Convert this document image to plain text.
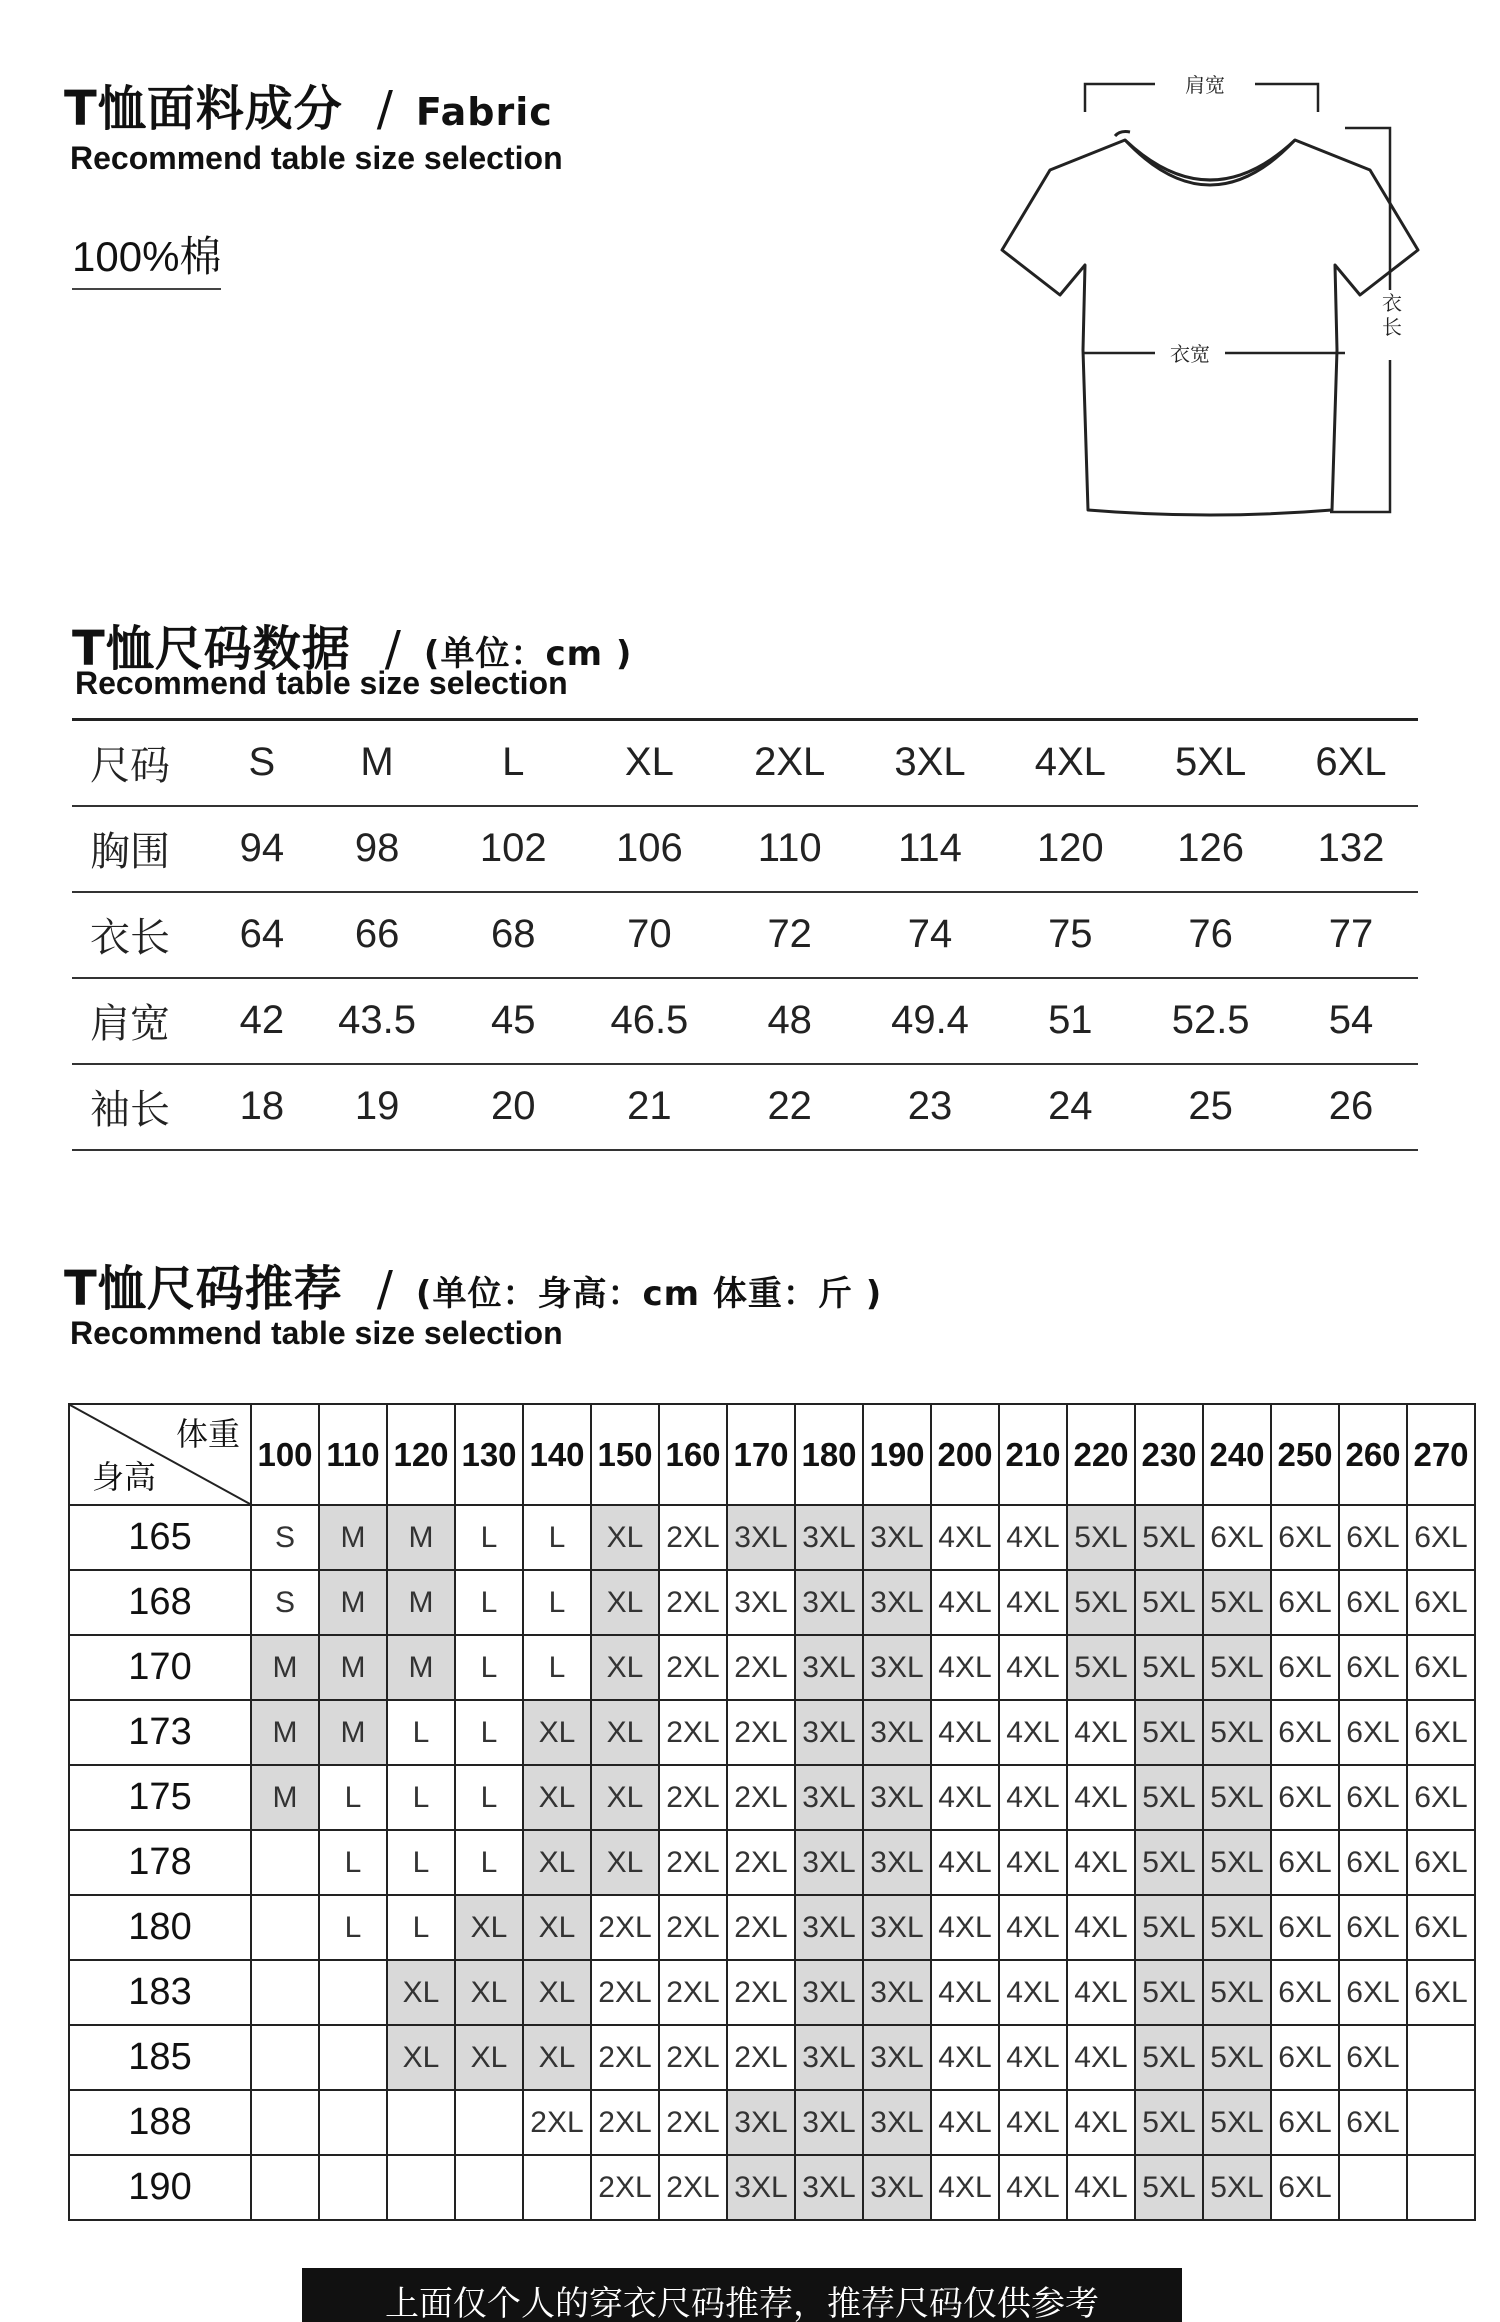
T恤面料成分 / Fabric
Recommend table size selection
100%棉
肩宽
衣宽
衣长
T恤尺码数据 / (单位：cm )
Recommend table size selection
尺码	S	M	L	XL	2XL	3XL	4XL	5XL	6XL
胸围	94	98	102	106	110	114	120	126	132
衣长	64	66	68	70	72	74	75	76	77
肩宽	42	43.5	45	46.5	48	49.4	51	52.5	54
袖长	18	19	20	21	22	23	24	25	26
T恤尺码推荐 / (单位：身高：cm 体重：斤 )
Recommend table size selection
体重
身高	100	110	120	130	140	150	160	170	180	190	200	210	220	230	240	250	260	270
165	S	M	M	L	L	XL	2XL	3XL	3XL	3XL	4XL	4XL	5XL	5XL	6XL	6XL	6XL	6XL
168	S	M	M	L	L	XL	2XL	3XL	3XL	3XL	4XL	4XL	5XL	5XL	5XL	6XL	6XL	6XL
170	M	M	M	L	L	XL	2XL	2XL	3XL	3XL	4XL	4XL	5XL	5XL	5XL	6XL	6XL	6XL
173	M	M	L	L	XL	XL	2XL	2XL	3XL	3XL	4XL	4XL	4XL	5XL	5XL	6XL	6XL	6XL
175	M	L	L	L	XL	XL	2XL	2XL	3XL	3XL	4XL	4XL	4XL	5XL	5XL	6XL	6XL	6XL
178		L	L	L	XL	XL	2XL	2XL	3XL	3XL	4XL	4XL	4XL	5XL	5XL	6XL	6XL	6XL
180		L	L	XL	XL	2XL	2XL	2XL	3XL	3XL	4XL	4XL	4XL	5XL	5XL	6XL	6XL	6XL
183			XL	XL	XL	2XL	2XL	2XL	3XL	3XL	4XL	4XL	4XL	5XL	5XL	6XL	6XL	6XL
185			XL	XL	XL	2XL	2XL	2XL	3XL	3XL	4XL	4XL	4XL	5XL	5XL	6XL	6XL	
188					2XL	2XL	2XL	3XL	3XL	3XL	4XL	4XL	4XL	5XL	5XL	6XL	6XL	
190						2XL	2XL	3XL	3XL	3XL	4XL	4XL	4XL	5XL	5XL	6XL		
上面仅个人的穿衣尺码推荐，推荐尺码仅供参考
